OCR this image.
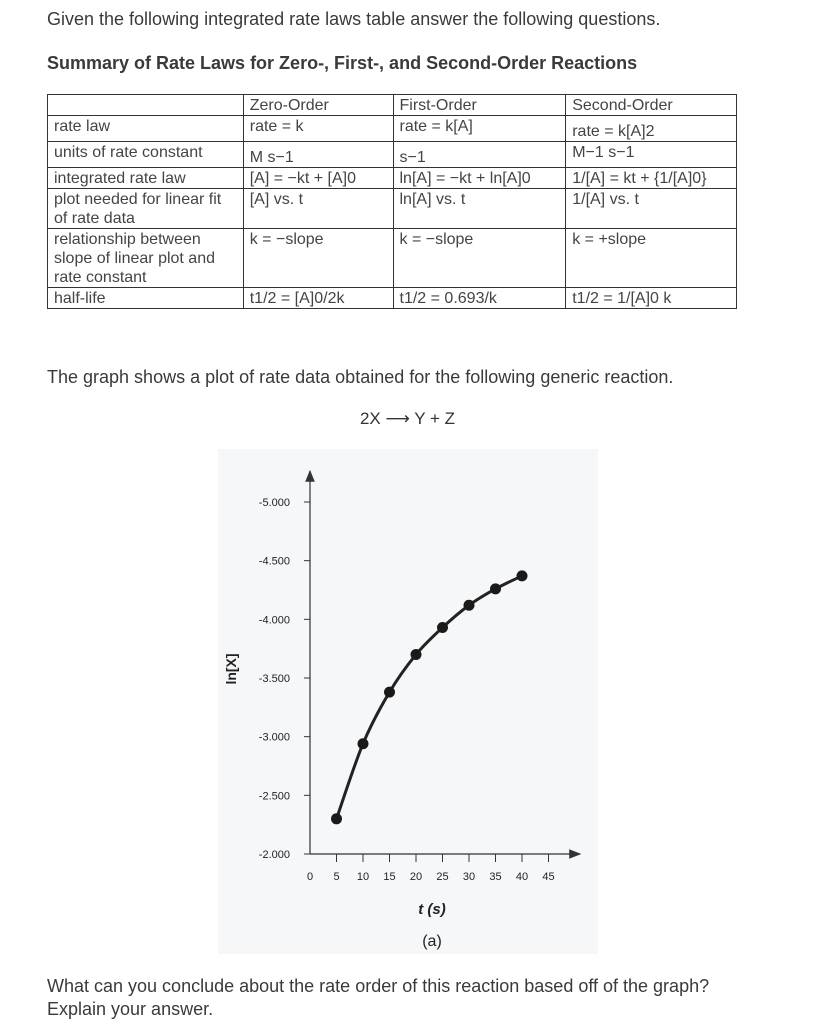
Given the following integrated rate laws table answer the following questions.
Summary of Rate Laws for Zero-, First-, and Second-Order Reactions
	Zero-Order	First-Order	Second-Order
rate law	rate = k	rate = k[A]	rate = k[A]2
units of rate constant	M s−1	s−1	M−1 s−1
integrated rate law	[A] = −kt + [A]0	ln[A] = −kt + ln[A]0	1/[A] = kt + {1/[A]0}
plot needed for linear fit of rate data	[A] vs. t	ln[A] vs. t	1/[A] vs. t
relationship between slope of linear plot and rate constant	k = −slope	k = −slope	k = +slope
half-life	t1/2 = [A]0/2k	t1/2 = 0.693/k	t1/2 = 1/[A]0 k
The graph shows a plot of rate data obtained for the following generic reaction.
2X ⟶ Y + Z
-5.000
-4.500
-4.000
-3.500
-3.000
-2.500
-2.000
0 5 10 15 20 25 30 35 40 45
ln[X]
t (s)
(a)
What can you conclude about the rate order of this reaction based off of the graph? Explain your answer.
